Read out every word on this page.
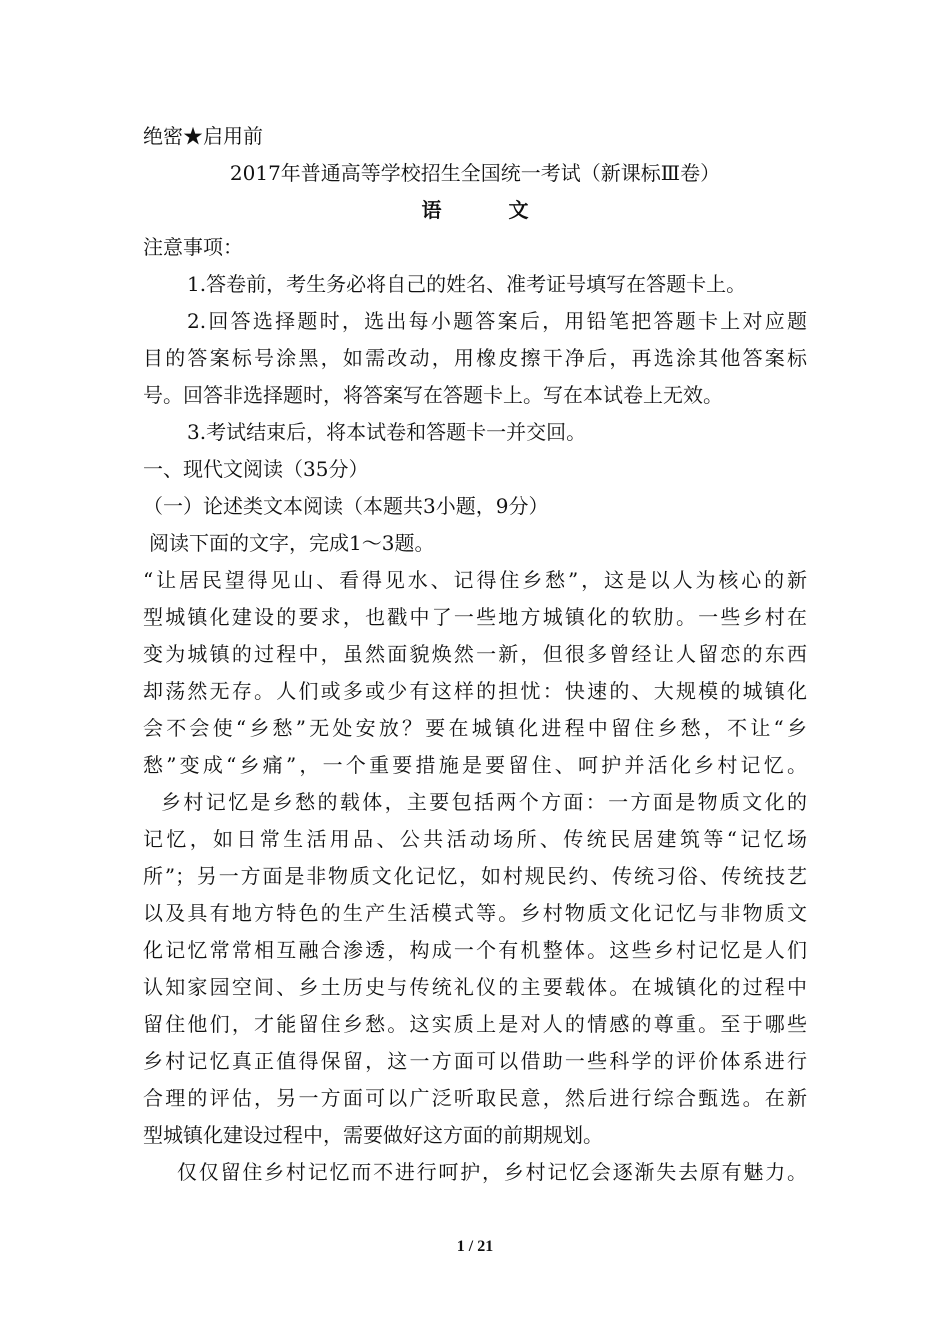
绝密★启用前
2017年普通高等学校招生全国统一考试（新课标Ⅲ卷）
语 文
注意事项：
1.答卷前，考生务必将自己的姓名、准考证号填写在答题卡上。
2.回答选择题时，选出每小题答案后，用铅笔把答题卡上对应题
目的答案标号涂黑，如需改动，用橡皮擦干净后，再选涂其他答案标
号。回答非选择题时，将答案写在答题卡上。写在本试卷上无效。
3.考试结束后，将本试卷和答题卡一并交回。
一、现代文阅读（35分）
（一）论述类文本阅读（本题共3小题，9分）
阅读下面的文字，完成1～3题。
“让居民望得见山、看得见水、记得住乡愁”，这是以人为核心的新
型城镇化建设的要求，也戳中了一些地方城镇化的软肋。一些乡村在
变为城镇的过程中，虽然面貌焕然一新，但很多曾经让人留恋的东西
却荡然无存。人们或多或少有这样的担忧：快速的、大规模的城镇化
会不会使“乡愁”无处安放？要在城镇化进程中留住乡愁，不让“乡
愁”变成“乡痛”，一个重要措施是要留住、呵护并活化乡村记忆。
乡村记忆是乡愁的载体，主要包括两个方面：一方面是物质文化的
记忆，如日常生活用品、公共活动场所、传统民居建筑等“记忆场
所”；另一方面是非物质文化记忆，如村规民约、传统习俗、传统技艺
以及具有地方特色的生产生活模式等。乡村物质文化记忆与非物质文
化记忆常常相互融合渗透，构成一个有机整体。这些乡村记忆是人们
认知家园空间、乡土历史与传统礼仪的主要载体。在城镇化的过程中
留住他们，才能留住乡愁。这实质上是对人的情感的尊重。至于哪些
乡村记忆真正值得保留，这一方面可以借助一些科学的评价体系进行
合理的评估，另一方面可以广泛听取民意，然后进行综合甄选。在新
型城镇化建设过程中，需要做好这方面的前期规划。
仅仅留住乡村记忆而不进行呵护，乡村记忆会逐渐失去原有魅力。
1 / 21
